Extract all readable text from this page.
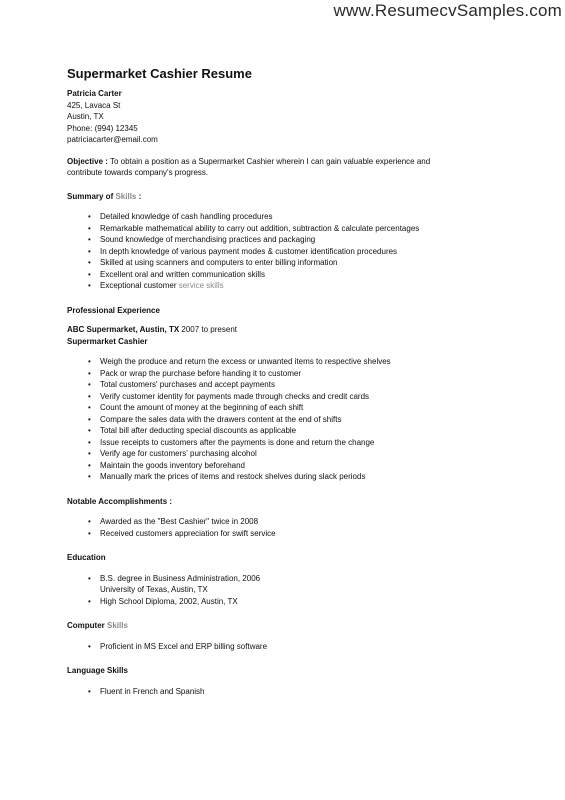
www.ResumecvSamples.com
Supermarket Cashier Resume
Patricia Carter
425, Lavaca St
Austin, TX
Phone: (994) 12345
patriciacarter@email.com
Objective : To obtain a position as a Supermarket Cashier wherein I can gain valuable experience and
contribute towards company's progress.
Summary of Skills :
• Detailed knowledge of cash handling procedures
• Remarkable mathematical ability to carry out addition, subtraction & calculate percentages
• Sound knowledge of merchandising practices and packaging
• In depth knowledge of various payment modes & customer identification procedures
• Skilled at using scanners and computers to enter billing information
• Excellent oral and written communication skills
• Exceptional customer service skills
Professional Experience
ABC Supermarket, Austin, TX 2007 to present
Supermarket Cashier
• Weigh the produce and return the excess or unwanted items to respective shelves
• Pack or wrap the purchase before handing it to customer
• Total customers' purchases and accept payments
• Verify customer identity for payments made through checks and credit cards
• Count the amount of money at the beginning of each shift
• Compare the sales data with the drawers content at the end of shifts
• Total bill after deducting special discounts as applicable
• Issue receipts to customers after the payments is done and return the change
• Verify age for customers' purchasing alcohol
• Maintain the goods inventory beforehand
• Manually mark the prices of items and restock shelves during slack periods
Notable Accomplishments :
• Awarded as the "Best Cashier" twice in 2008
• Received customers appreciation for swift service
Education
• B.S. degree in Business Administration, 2006
University of Texas, Austin, TX
• High School Diploma, 2002, Austin, TX
Computer Skills
• Proficient in MS Excel and ERP billing software
Language Skills
• Fluent in French and Spanish
